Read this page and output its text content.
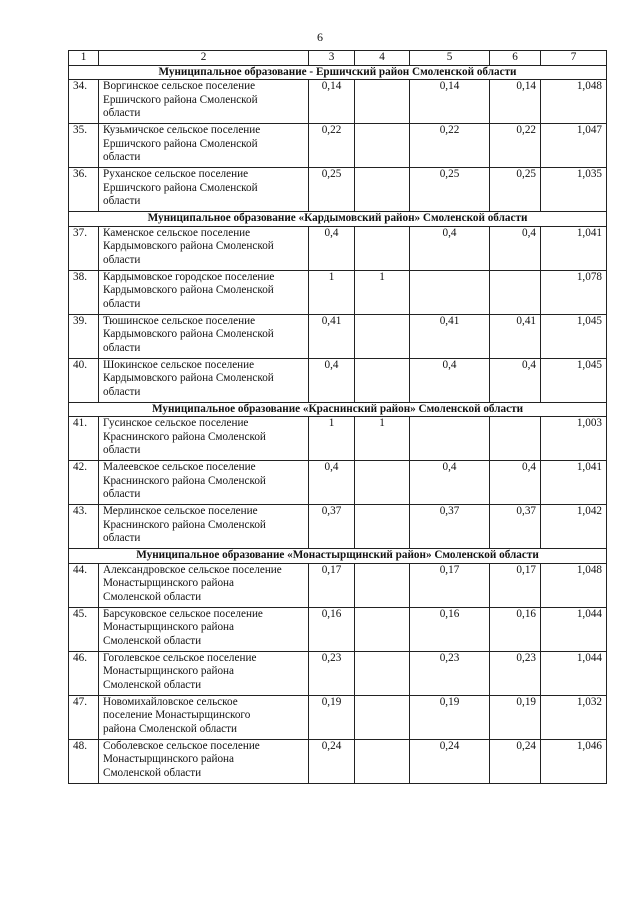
6
1	2	3	4	5	6	7
Муниципальное образование - Ершичский район Смоленской области						
34.	Воргинское сельское поселение
Ершичского района Смоленской
области	0,14		0,14	0,14	1,048
35.	Кузьмичское сельское поселение
Ершичского района Смоленской
области	0,22		0,22	0,22	1,047
36.	Руханское сельское поселение
Ершичского района Смоленской
области	0,25		0,25	0,25	1,035
Муниципальное образование «Кардымовский район» Смоленской области						
37.	Каменское сельское поселение
Кардымовского района Смоленской
области	0,4		0,4	0,4	1,041
38.	Кардымовское городское поселение
Кардымовского района Смоленской
области	1	1			1,078
39.	Тюшинское сельское поселение
Кардымовского района Смоленской
области	0,41		0,41	0,41	1,045
40.	Шокинское сельское поселение
Кардымовского района Смоленской
области	0,4		0,4	0,4	1,045
Муниципальное образование «Краснинский район» Смоленской области						
41.	Гусинское сельское поселение
Краснинского района Смоленской
области	1	1			1,003
42.	Малеевское сельское поселение
Краснинского района Смоленской
области	0,4		0,4	0,4	1,041
43.	Мерлинское сельское поселение
Краснинского района Смоленской
области	0,37		0,37	0,37	1,042
Муниципальное образование «Монастырщинский район» Смоленской области						
44.	Александровское сельское поселение
Монастырщинского района
Смоленской области	0,17		0,17	0,17	1,048
45.	Барсуковское сельское поселение
Монастырщинского района
Смоленской области	0,16		0,16	0,16	1,044
46.	Гоголевское сельское поселение
Монастырщинского района
Смоленской области	0,23		0,23	0,23	1,044
47.	Новомихайловское сельское
поселение Монастырщинского
района Смоленской области	0,19		0,19	0,19	1,032
48.	Соболевское сельское поселение
Монастырщинского района
Смоленской области	0,24		0,24	0,24	1,046
